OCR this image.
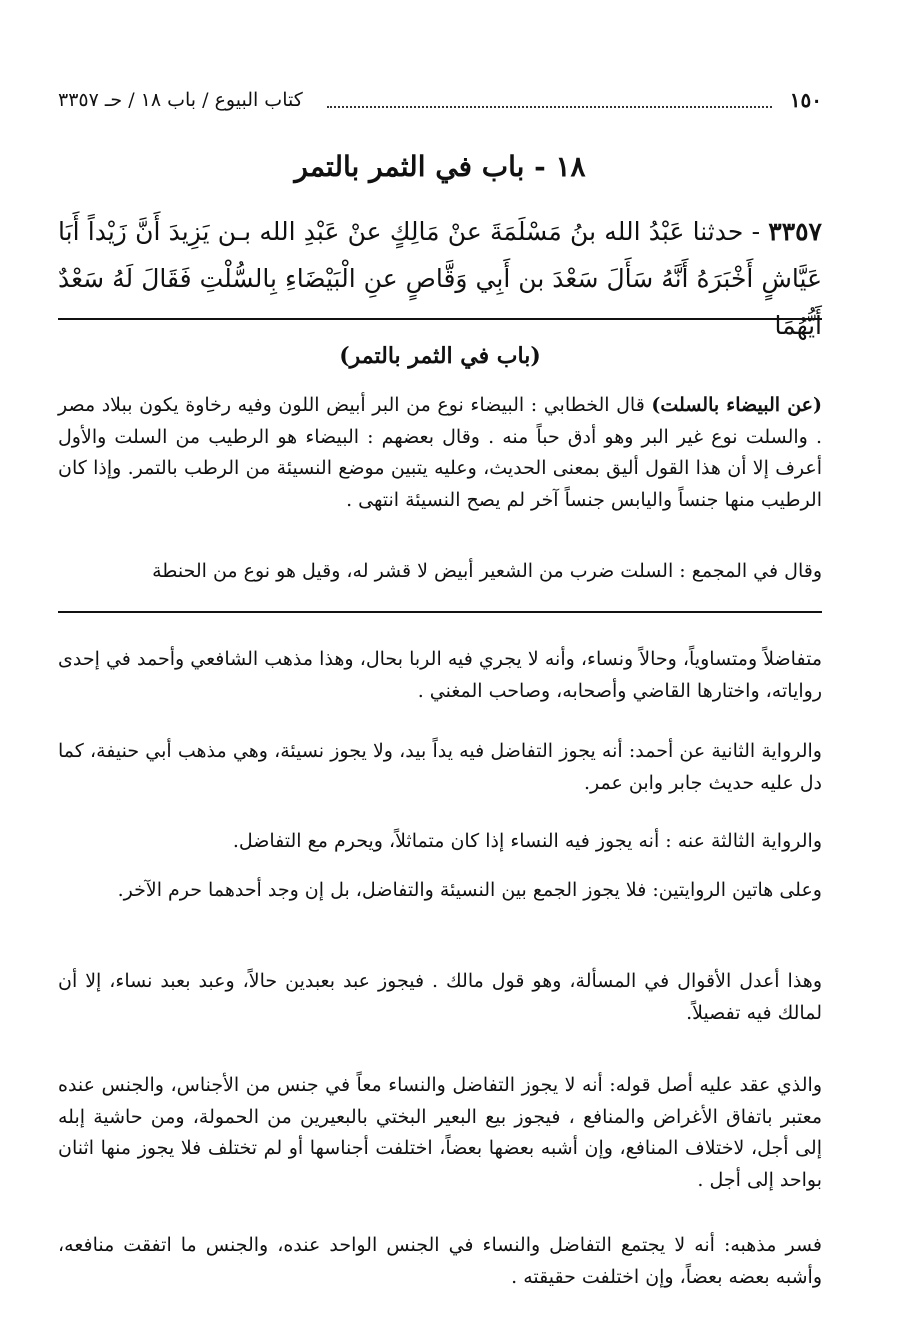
١٥٠
كتاب البيوع / باب ١٨ / حـ ٣٣٥٧
١٨ - باب في الثمر بالتمر
٣٣٥٧ - حدثنا عَبْدُ الله بنُ مَسْلَمَةَ عنْ مَالِكٍ عنْ عَبْدِ الله بـن يَزِيدَ أَنَّ زَيْداً أَبَا عَيَّاشٍ أَخْبَرَهُ أَنَّهُ سَأَلَ سَعْدَ بن أَبِي وَقَّاصٍ عنِ الْبَيْضَاءِ بِالسُّلْتِ فَقَالَ لَهُ سَعْدٌ أَيُّهُمَا
(باب في الثمر بالتمر)
(عن البيضاء بالسلت) قال الخطابي : البيضاء نوع من البر أبيض اللون وفيه رخاوة يكون ببلاد مصر . والسلت نوع غير البر وهو أدق حباً منه . وقال بعضهم : البيضاء هو الرطيب من السلت والأول أعرف إلا أن هذا القول أليق بمعنى الحديث، وعليه يتبين موضع النسيئة من الرطب بالتمر. وإذا كان الرطيب منها جنساً واليابس جنساً آخر لم يصح النسيئة انتهى .
وقال في المجمع : السلت ضرب من الشعير أبيض لا قشر له، وقيل هو نوع من الحنطة
متفاضلاً ومتساوياً، وحالاً ونساء، وأنه لا يجري فيه الربا بحال، وهذا مذهب الشافعي وأحمد في إحدى رواياته، واختارها القاضي وأصحابه، وصاحب المغني .
والرواية الثانية عن أحمد: أنه يجوز التفاضل فيه يداً بيد، ولا يجوز نسيئة، وهي مذهب أبي حنيفة، كما دل عليه حديث جابر وابن عمر.
والرواية الثالثة عنه : أنه يجوز فيه النساء إذا كان متماثلاً، ويحرم مع التفاضل.
وعلى هاتين الروايتين: فلا يجوز الجمع بين النسيئة والتفاضل، بل إن وجد أحدهما حرم الآخر.
وهذا أعدل الأقوال في المسألة، وهو قول مالك . فيجوز عبد بعبدين حالاً، وعبد بعبد نساء، إلا أن لمالك فيه تفصيلاً.
والذي عقد عليه أصل قوله: أنه لا يجوز التفاضل والنساء معاً في جنس من الأجناس، والجنس عنده معتبر باتفاق الأغراض والمنافع ، فيجوز بيع البعير البختي بالبعيرين من الحمولة، ومن حاشية إبله إلى أجل، لاختلاف المنافع، وإن أشبه بعضها بعضاً، اختلفت أجناسها أو لم تختلف فلا يجوز منها اثنان بواحد إلى أجل .
فسر مذهبه: أنه لا يجتمع التفاضل والنساء في الجنس الواحد عنده، والجنس ما اتفقت منافعه، وأشبه بعضه بعضاً، وإن اختلفت حقيقته .
